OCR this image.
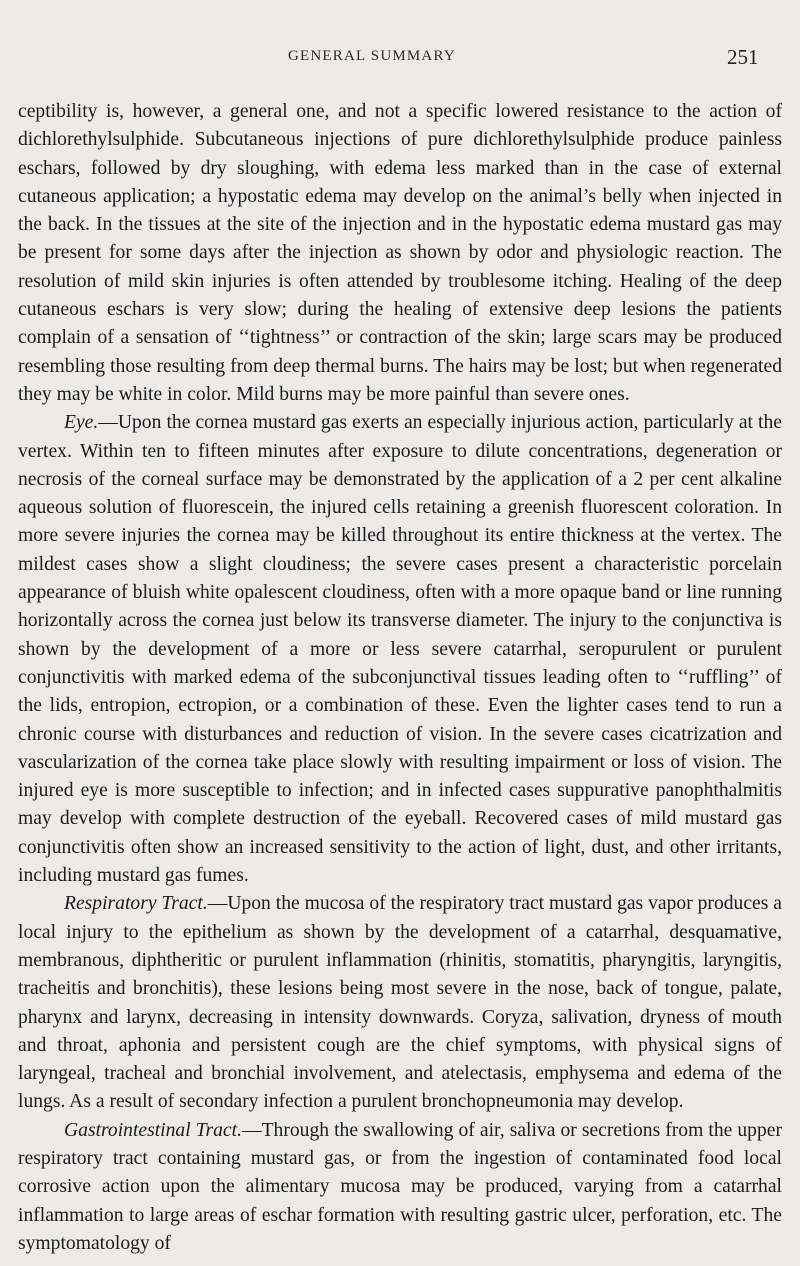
GENERAL SUMMARY	251

ceptibility is, however, a general one, and not a specific lowered resistance to the action of dichlorethylsulphide. Subcutaneous injections of pure dichlorethylsulphide produce painless eschars, followed by dry sloughing, with edema less marked than in the case of external cutaneous application; a hypostatic edema may develop on the animal’s belly when injected in the back. In the tissues at the site of the injection and in the hypostatic edema mustard gas may be present for some days after the injection as shown by odor and physiologic reaction. The resolution of mild skin injuries is often attended by troublesome itching. Healing of the deep cutaneous eschars is very slow; during the healing of extensive deep lesions the patients complain of a sensation of ‘‘tightness’’ or contraction of the skin; large scars may be produced resembling those resulting from deep thermal burns. The hairs may be lost; but when regenerated they may be white in color. Mild burns may be more painful than severe ones.

Eye.—Upon the cornea mustard gas exerts an especially injurious action, particularly at the vertex. Within ten to fifteen minutes after exposure to dilute concentrations, degeneration or necrosis of the corneal surface may be demonstrated by the application of a 2 per cent alkaline aqueous solution of fluorescein, the injured cells retaining a greenish fluorescent coloration. In more severe injuries the cornea may be killed throughout its entire thickness at the vertex. The mildest cases show a slight cloudiness; the severe cases present a characteristic porcelain appearance of bluish white opalescent cloudiness, often with a more opaque band or line running horizontally across the cornea just below its transverse diameter. The injury to the conjunctiva is shown by the development of a more or less severe catarrhal, seropurulent or purulent conjunctivitis with marked edema of the subconjunctival tissues leading often to ‘‘ruffling’’ of the lids, entropion, ectropion, or a combination of these. Even the lighter cases tend to run a chronic course with disturbances and reduction of vision. In the severe cases cicatrization and vascularization of the cornea take place slowly with resulting impairment or loss of vision. The injured eye is more susceptible to infection; and in infected cases suppurative panophthalmitis may develop with complete destruction of the eyeball. Recovered cases of mild mustard gas conjunctivitis often show an increased sensitivity to the action of light, dust, and other irritants, including mustard gas fumes.

Respiratory Tract.—Upon the mucosa of the respiratory tract mustard gas vapor produces a local injury to the epithelium as shown by the development of a catarrhal, desquamative, membranous, diphtheritic or purulent inflammation (rhinitis, stomatitis, pharyngitis, laryngitis, tracheitis and bronchitis), these lesions being most severe in the nose, back of tongue, palate, pharynx and larynx, decreasing in intensity downwards. Coryza, salivation, dryness of mouth and throat, aphonia and persistent cough are the chief symptoms, with physical signs of laryngeal, tracheal and bronchial involvement, and atelectasis, emphysema and edema of the lungs. As a result of secondary infection a purulent bronchopneumonia may develop.

Gastrointestinal Tract.—Through the swallowing of air, saliva or secretions from the upper respiratory tract containing mustard gas, or from the ingestion of contaminated food local corrosive action upon the alimentary mucosa may be produced, varying from a catarrhal inflammation to large areas of eschar formation with resulting gastric ulcer, perforation, etc. The symptomatology of
